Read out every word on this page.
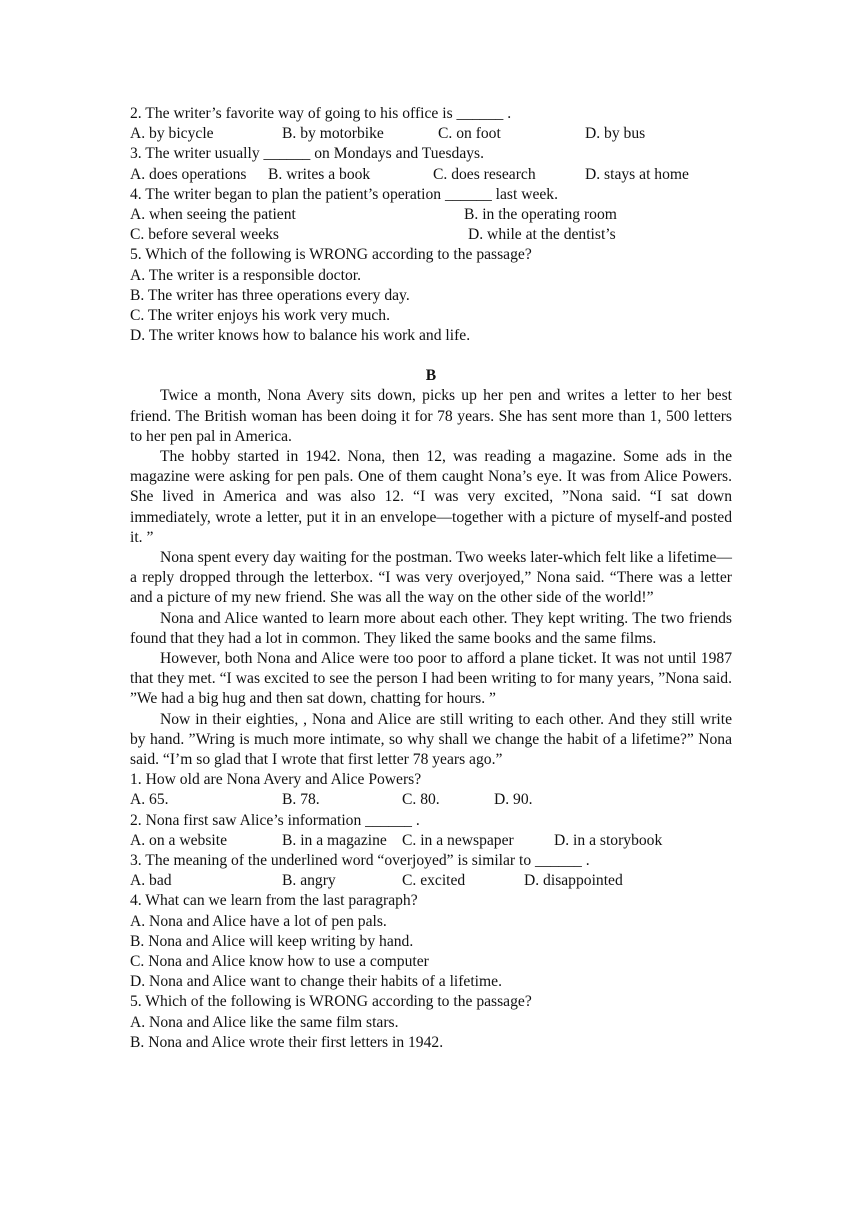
2. The writer’s favorite way of going to his office is ______ .
A. by bicycle	B. by motorbike	C. on foot	D. by bus
3. The writer usually ______ on Mondays and Tuesdays.
A. does operations B. writes a book	C. does research	D. stays at home
4. The writer began to plan the patient’s operation ______ last week.
A. when seeing the patient	B. in the operating room
C. before several weeks	D. while at the dentist’s
5. Which of the following is WRONG according to the passage?
A. The writer is a responsible doctor.
B. The writer has three operations every day.
C. The writer enjoys his work very much.
D. The writer knows how to balance his work and life.
B

Twice a month, Nona Avery sits down, picks up her pen and writes a letter to her best friend. The British woman has been doing it for 78 years. She has sent more than 1, 500 letters to her pen pal in America.

The hobby started in 1942. Nona, then 12, was reading a magazine. Some ads in the magazine were asking for pen pals. One of them caught Nona’s eye. It was from Alice Powers. She lived in America and was also 12. “I was very excited, ”Nona said. “I sat down immediately, wrote a letter, put it in an envelope—together with a picture of myself-and posted it. ”

Nona spent every day waiting for the postman. Two weeks later-which felt like a lifetime—a reply dropped through the letterbox. “I was very overjoyed,” Nona said. “There was a letter and a picture of my new friend. She was all the way on the other side of the world!”

Nona and Alice wanted to learn more about each other. They kept writing. The two friends found that they had a lot in common. They liked the same books and the same films.

However, both Nona and Alice were too poor to afford a plane ticket. It was not until 1987 that they met. “I was excited to see the person I had been writing to for many years, ”Nona said. ”We had a big hug and then sat down, chatting for hours. ”

Now in their eighties, , Nona and Alice are still writing to each other. And they still write by hand. ”Wring is much more intimate, so why shall we change the habit of a lifetime?” Nona said. “I’m so glad that I wrote that first letter 78 years ago.”

1. How old are Nona Avery and Alice Powers?
A. 65.	B. 78.	C. 80.	D. 90.
2. Nona first saw Alice’s information ______ .
A. on a website	B. in a magazine C. in a newspaper	D. in a storybook
3. The meaning of the underlined word “overjoyed” is similar to ______ .
A. bad	B. angry	C. excited	D. disappointed
4. What can we learn from the last paragraph?
A. Nona and Alice have a lot of pen pals.
B. Nona and Alice will keep writing by hand.
C. Nona and Alice know how to use a computer
D. Nona and Alice want to change their habits of a lifetime.
5. Which of the following is WRONG according to the passage?
A. Nona and Alice like the same film stars.
B. Nona and Alice wrote their first letters in 1942.
